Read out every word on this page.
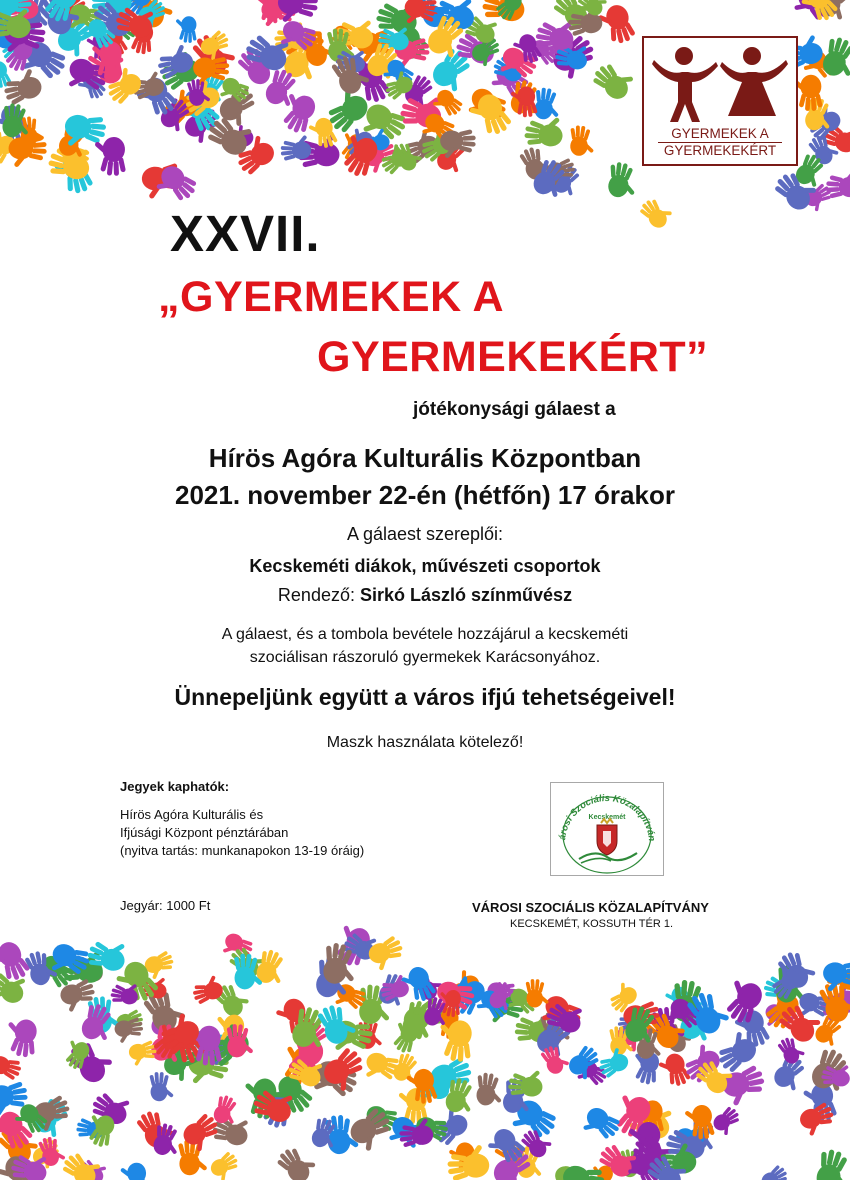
GYERMEKEK A
GYERMEKEKÉRT
XXVII.
„GYERMEKEK A
GYERMEKEKÉRT”
jótékonysági gálaest a
Hírös Agóra Kulturális Központban
2021. november 22-én (hétfőn) 17 órakor
A gálaest szereplői:
Kecskeméti diákok, művészeti csoportok
Rendező: Sirkó László színművész
A gálaest, és a tombola bevétele hozzájárul a kecskeméti
szociálisan rászoruló gyermekek Karácsonyához.
Ünnepeljünk együtt a város ifjú tehetségeivel!
Maszk használata kötelező!
Jegyek kaphatók:
Hírös Agóra Kulturális és
Ifjúsági Központ pénztárában
(nyitva tartás: munkanapokon 13-19 óráig)
Jegyár: 1000 Ft
árosi Szociális Közalapítván
Kecskemét
VÁROSI SZOCIÁLIS KÖZALAPÍTVÁNY
KECSKEMÉT, KOSSUTH TÉR 1.
